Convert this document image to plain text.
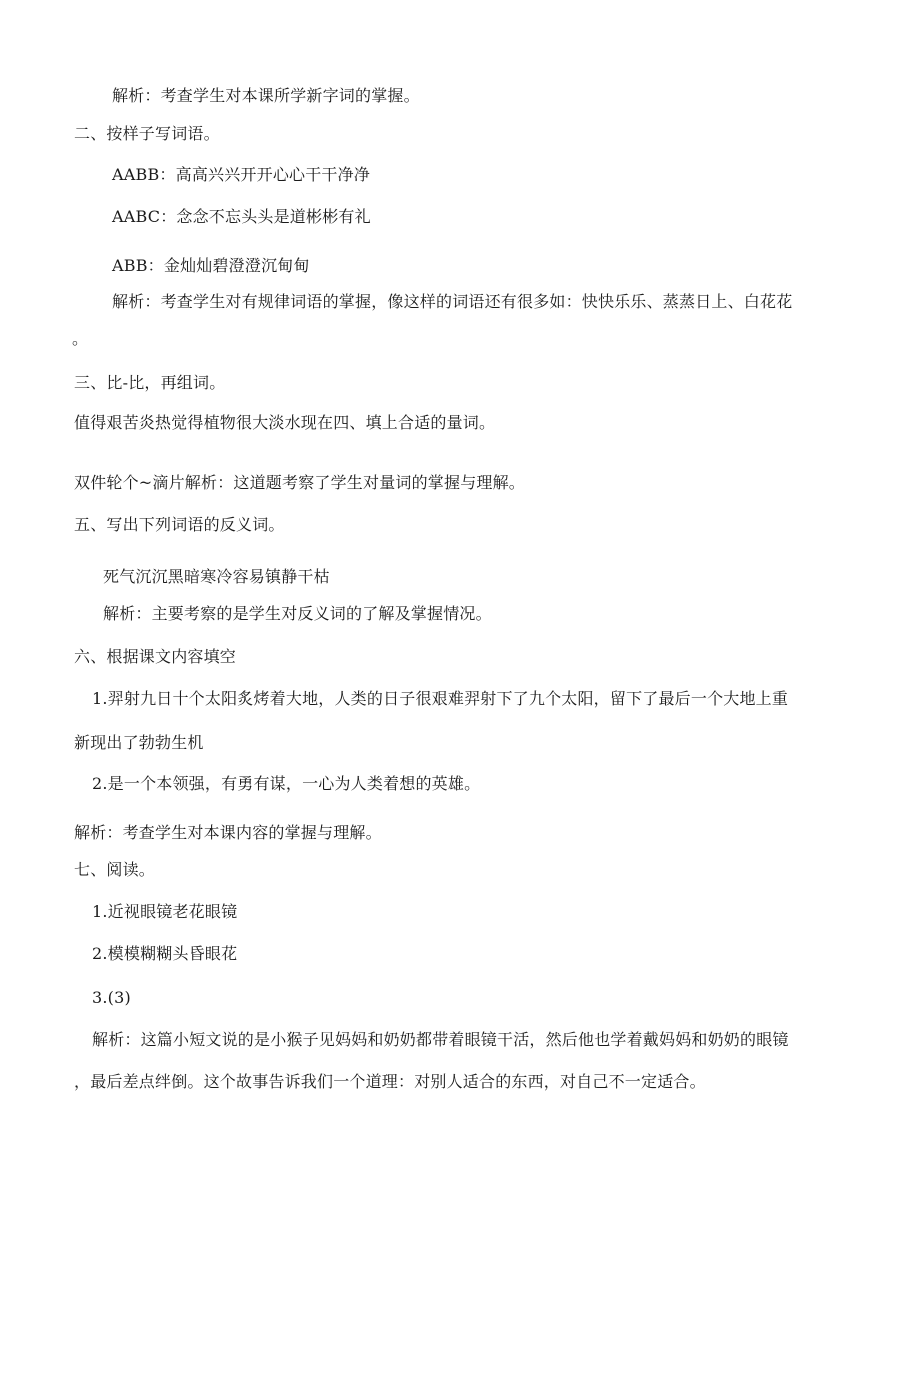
解析：考查学生对本课所学新字词的掌握。
二、按样子写词语。
AABB：高高兴兴开开心心干干净净
AABC：念念不忘头头是道彬彬有礼
ABB：金灿灿碧澄澄沉甸甸
解析：考查学生对有规律词语的掌握，像这样的词语还有很多如：快快乐乐、蒸蒸日上、白花花
。
三、比-比，再组词。
值得艰苦炎热觉得植物很大淡水现在四、填上合适的量词。
双件轮个~滴片解析：这道题考察了学生对量词的掌握与理解。
五、写出下列词语的反义词。
死气沉沉黑暗寒冷容易镇静干枯
解析：主要考察的是学生对反义词的了解及掌握情况。
六、根据课文内容填空
1.羿射九日十个太阳炙烤着大地，人类的日子很艰难羿射下了九个太阳，留下了最后一个大地上重
新现出了勃勃生机
2.是一个本领强，有勇有谋，一心为人类着想的英雄。
解析：考查学生对本课内容的掌握与理解。
七、阅读。
1.近视眼镜老花眼镜
2.模模糊糊头昏眼花
3.(3)
解析：这篇小短文说的是小猴子见妈妈和奶奶都带着眼镜干活，然后他也学着戴妈妈和奶奶的眼镜
，最后差点绊倒。这个故事告诉我们一个道理：对别人适合的东西，对自己不一定适合。
